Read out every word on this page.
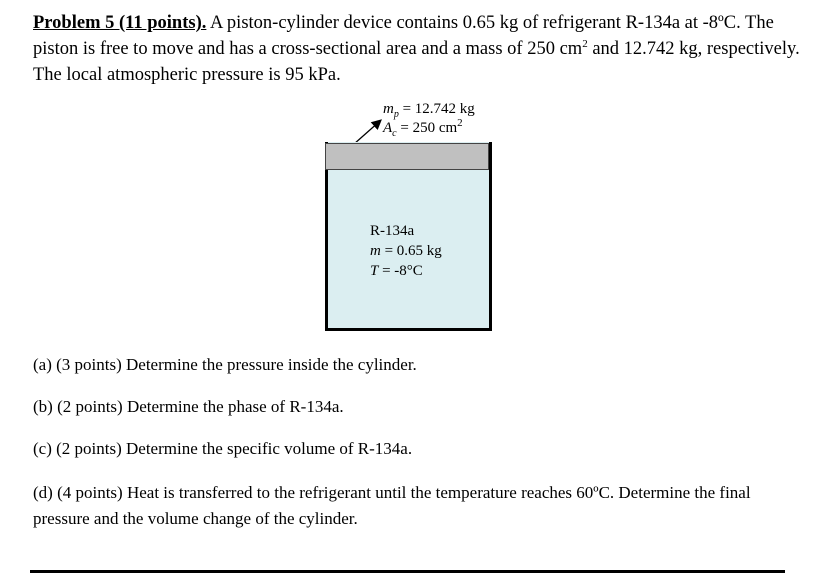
Problem 5 (11 points). A piston-cylinder device contains 0.65 kg of refrigerant R-134a at -8ºC. The piston is free to move and has a cross-sectional area and a mass of 250 $cm^2$ and 12.742 kg, respectively. The local atmospheric pressure is 95 kPa.
$m_p = 12.742$ kg
$A_c = 250$ $cm^2$
R-134a
m = 0.65 kg
T = -8°C
(a) (3 points) Determine the pressure inside the cylinder.
(b) (2 points) Determine the phase of R-134a.
(c) (2 points) Determine the specific volume of R-134a.
(d) (4 points) Heat is transferred to the refrigerant until the temperature reaches 60ºC. Determine the final pressure and the volume change of the cylinder.
